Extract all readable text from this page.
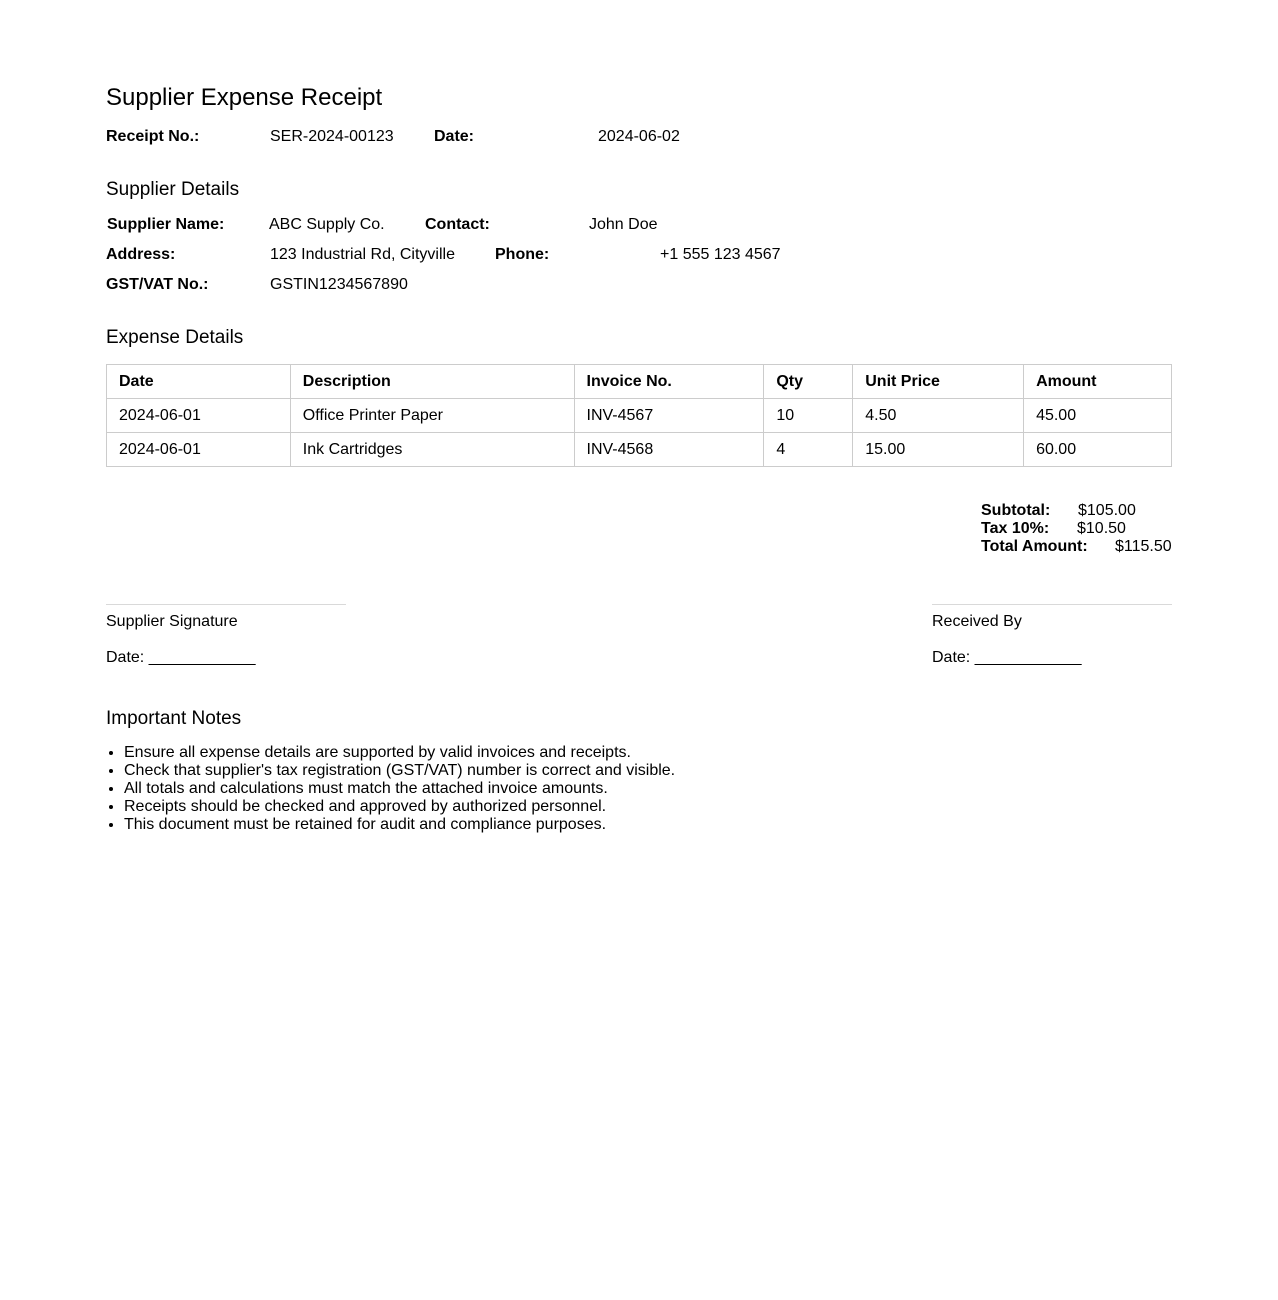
Supplier Expense Receipt
Receipt No.:	SER-2024-00123	Date:	2024-06-02
Supplier Details
Supplier Name:	ABC Supply Co.	Contact:	John Doe
Address:	123 Industrial Rd, Cityville	Phone:	+1 555 123 4567
GST/VAT No.:	GSTIN1234567890
Expense Details
Date	Description	Invoice No.	Qty	Unit Price	Amount
2024-06-01	Office Printer Paper	INV-4567	10	4.50	45.00
2024-06-01	Ink Cartridges	INV-4568	4	15.00	60.00
Subtotal: $105.00
Tax 10%: $10.50
Total Amount: $115.50
Supplier Signature
Date: ____________
Received By
Date: ____________
Important Notes
• Ensure all expense details are supported by valid invoices and receipts.
• Check that supplier's tax registration (GST/VAT) number is correct and visible.
• All totals and calculations must match the attached invoice amounts.
• Receipts should be checked and approved by authorized personnel.
• This document must be retained for audit and compliance purposes.
